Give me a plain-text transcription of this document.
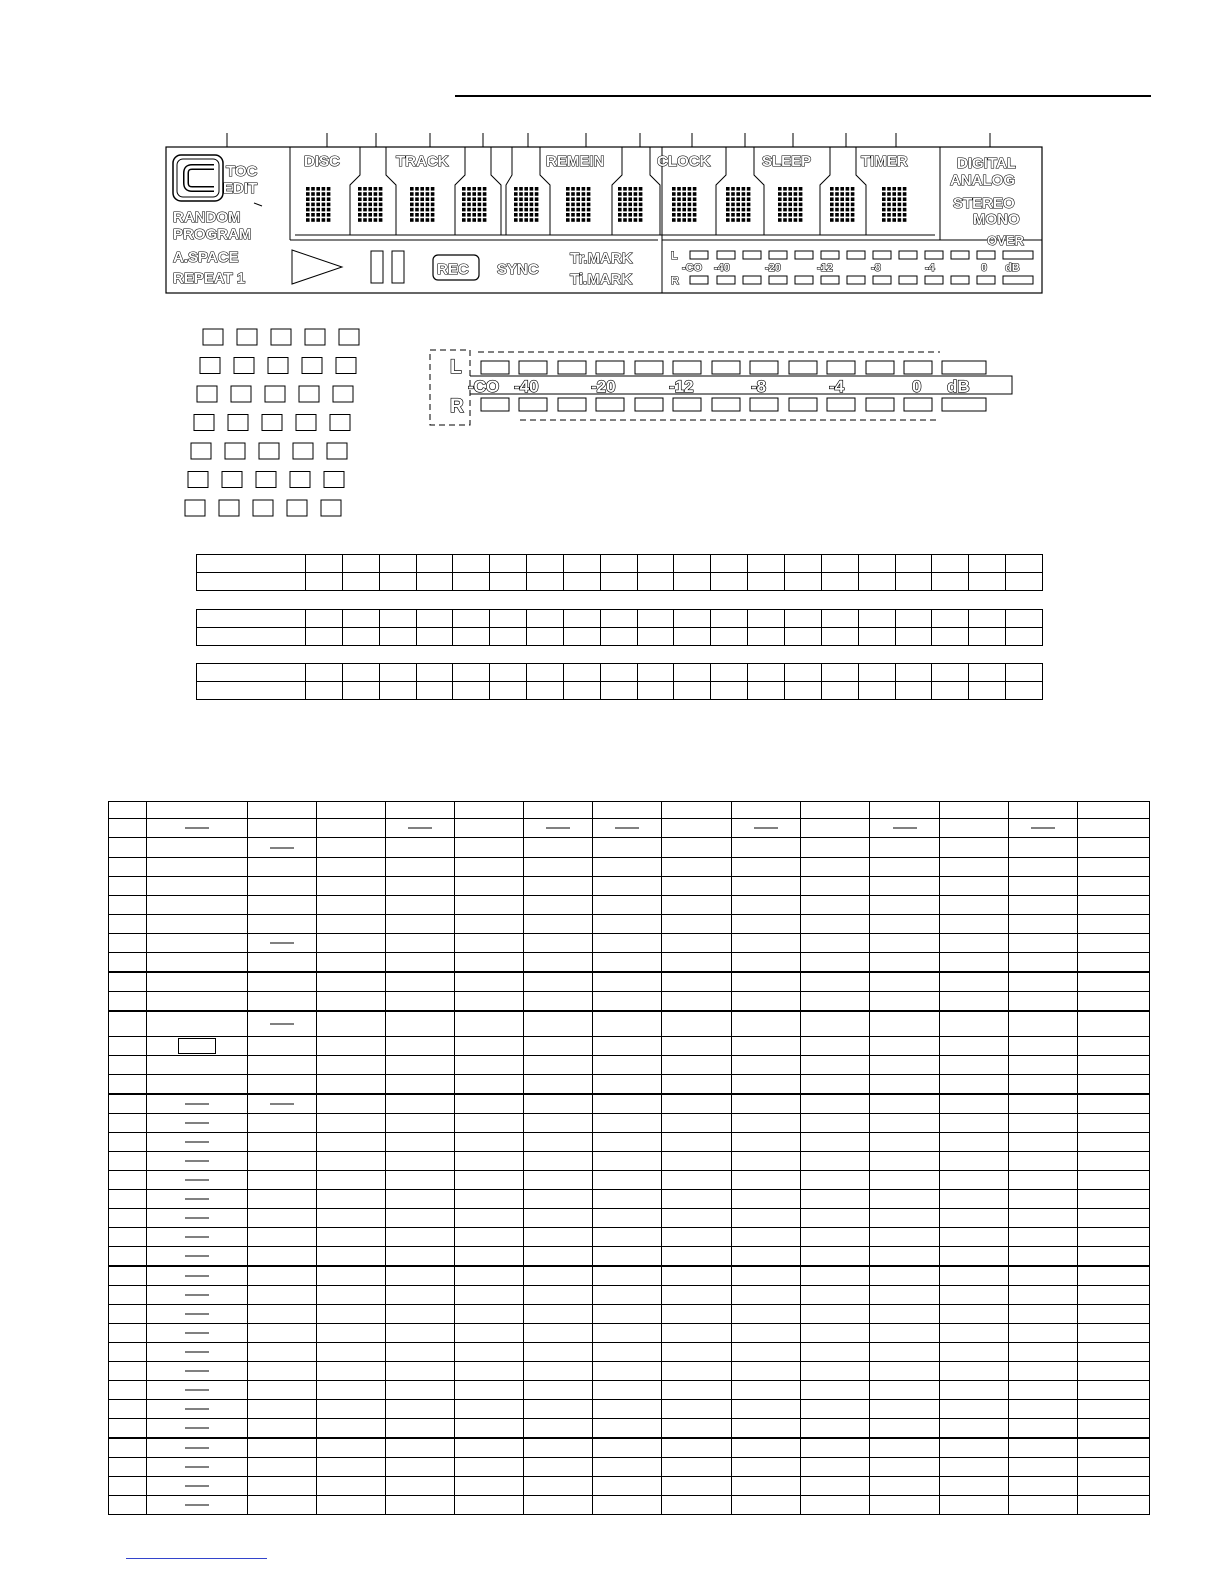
TOC
EDIT
RANDOM
PROGRAM
A.SPACE
REPEAT 1
DISC	TRACK	REMEIN	CLOCK	SLEEP	TIMER	DIGITAL
ANALOG
STEREO
MONO
OVER
REC SYNC
Tr.MARK
Ti.MARK
L
R
-CO -40	-20	-12	-8	-4	0 dB
L
R
-CO -40	-20	-12	-8	-4	0 dB
